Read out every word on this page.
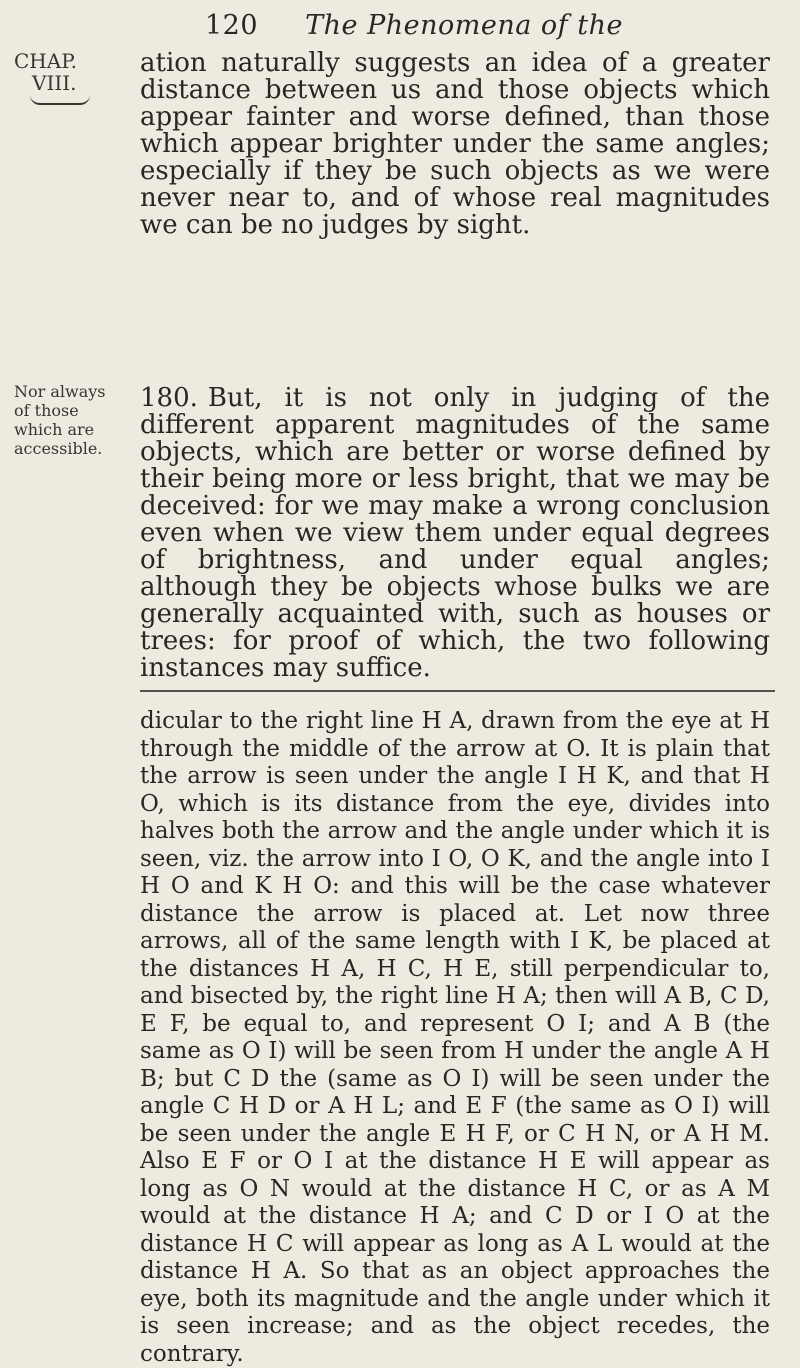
120 The Phenomena of the
CHAP.
VIII.
Nor always of those which are accessible.

ation naturally suggests an idea of a greater distance between us and those objects which appear fainter and worse defined, than those which appear brighter under the same angles; especially if they be such objects as we were never near to, and of whose real magnitudes we can be no judges by sight.

180. But, it is not only in judging of the different apparent magnitudes of the same objects, which are better or worse defined by their being more or less bright, that we may be deceived: for we may make a wrong conclusion even when we view them under equal degrees of brightness, and under equal angles; although they be objects whose bulks we are generally acquainted with, such as houses or trees: for proof of which, the two following instances may suffice.

dicular to the right line H A, drawn from the eye at H through the middle of the arrow at O. It is plain that the arrow is seen under the angle I H K, and that H O, which is its distance from the eye, divides into halves both the arrow and the angle under which it is seen, viz. the arrow into I O, O K, and the angle into I H O and K H O: and this will be the case whatever distance the arrow is placed at. Let now three arrows, all of the same length with I K, be placed at the distances H A, H C, H E, still perpendicular to, and bisected by, the right line H A; then will A B, C D, E F, be equal to, and represent O I; and A B (the same as O I) will be seen from H under the angle A H B; but C D the (same as O I) will be seen under the angle C H D or A H L; and E F (the same as O I) will be seen under the angle E H F, or C H N, or A H M. Also E F or O I at the distance H E will appear as long as O N would at the distance H C, or as A M would at the distance H A; and C D or I O at the distance H C will appear as long as A L would at the distance H A. So that as an object approaches the eye, both its magnitude and the angle under which it is seen increase; and as the object recedes, the contrary.
